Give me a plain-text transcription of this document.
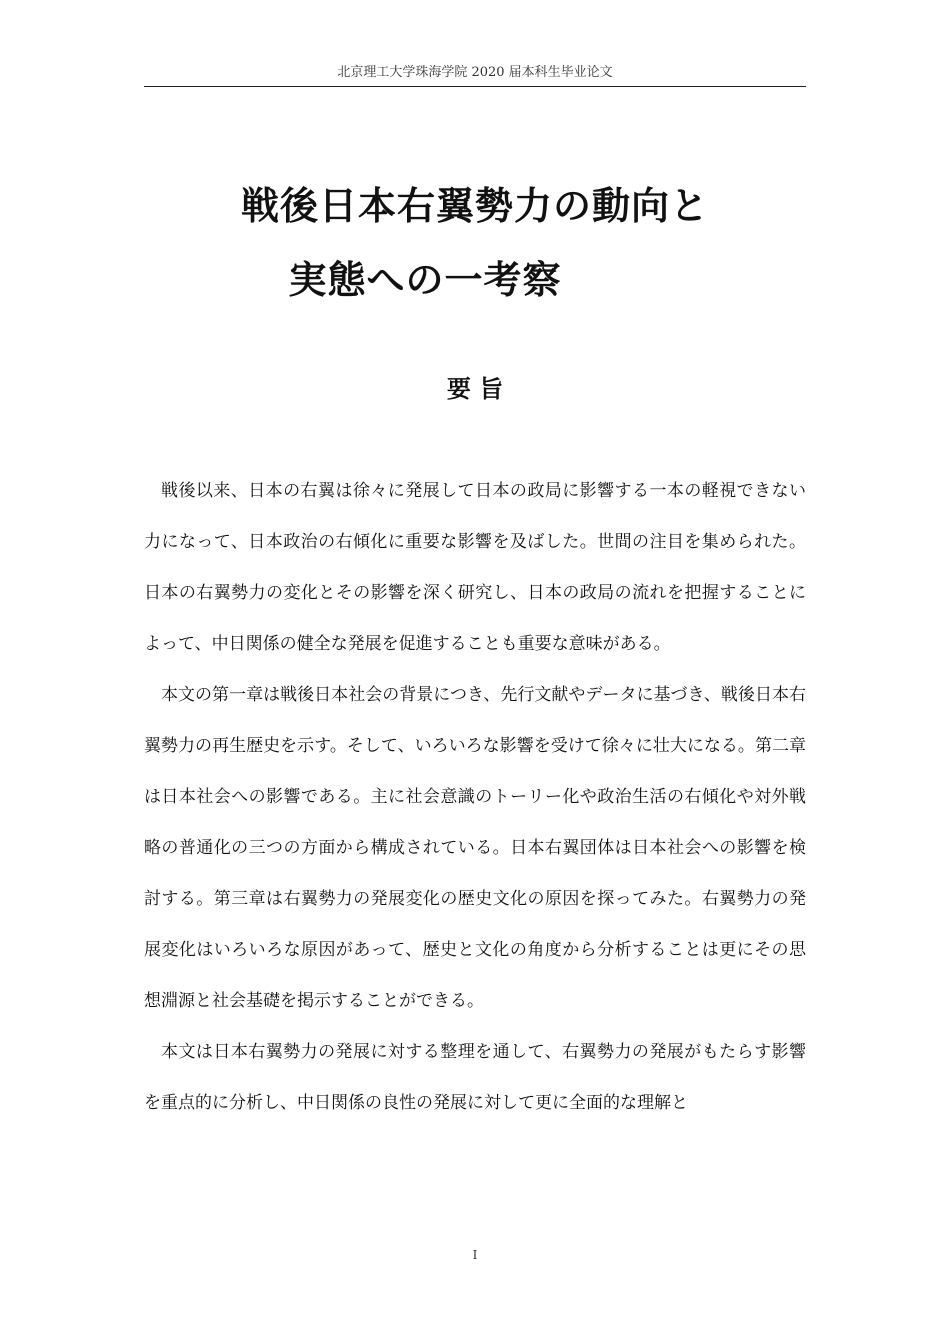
北京理工大学珠海学院 2020 届本科生毕业论文
戦後日本右翼勢力の動向と
実態への一考察
要 旨

戦後以来、日本の右翼は徐々に発展して日本の政局に影響する一本の軽視できない力になって、日本政治の右傾化に重要な影響を及ばした。世間の注目を集められた。日本の右翼勢力の変化とその影響を深く研究し、日本の政局の流れを把握することによって、中日関係の健全な発展を促進することも重要な意味がある。

本文の第一章は戦後日本社会の背景につき、先行文献やデータに基づき、戦後日本右翼勢力の再生歴史を示す。そして、いろいろな影響を受けて徐々に壮大になる。第二章は日本社会への影響である。主に社会意識のトーリー化や政治生活の右傾化や対外戦略の普通化の三つの方面から構成されている。日本右翼団体は日本社会への影響を検討する。第三章は右翼勢力の発展変化の歴史文化の原因を探ってみた。右翼勢力の発展変化はいろいろな原因があって、歴史と文化の角度から分析することは更にその思想淵源と社会基礎を掲示することができる。

本文は日本右翼勢力の発展に対する整理を通して、右翼勢力の発展がもたらす影響を重点的に分析し、中日関係の良性の発展に対して更に全面的な理解と

I
